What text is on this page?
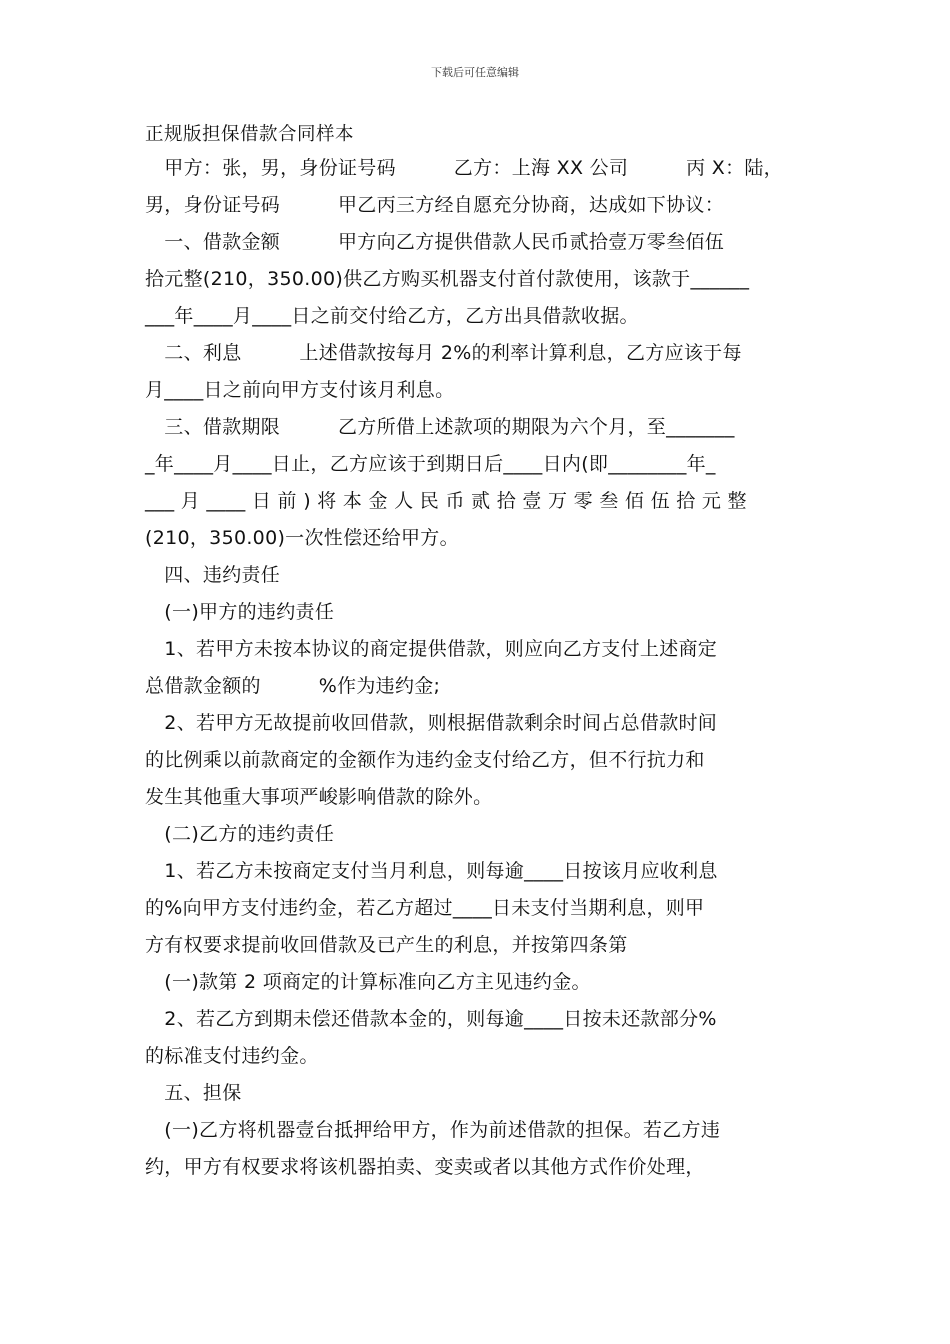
下载后可任意编辑

正规版担保借款合同样本

　甲方：张，男，身份证号码　　　乙方：上海 XX 公司　　　丙 X：陆，

男，身份证号码　　　甲乙丙三方经自愿充分协商，达成如下协议：

　一、借款金额　　　甲方向乙方提供借款人民币贰拾壹万零叁佰伍

拾元整(210，350.00)供乙方购买机器支付首付款使用，该款于______

___年____月____日之前交付给乙方，乙方出具借款收据。

　二、利息　　　上述借款按每月 2%的利率计算利息，乙方应该于每

月____日之前向甲方支付该月利息。

　三、借款期限　　　乙方所借上述款项的期限为六个月，至_______

_年____月____日止，乙方应该于到期日后____日内(即________年_

___ 月 ____ 日 前 ) 将 本 金 人 民 币 贰 拾 壹 万 零 叁 佰 伍 拾 元 整

(210，350.00)一次性偿还给甲方。

　四、违约责任

　(一)甲方的违约责任

　1、若甲方未按本协议的商定提供借款，则应向乙方支付上述商定

总借款金额的　　　%作为违约金;

　2、若甲方无故提前收回借款，则根据借款剩余时间占总借款时间

的比例乘以前款商定的金额作为违约金支付给乙方，但不行抗力和

发生其他重大事项严峻影响借款的除外。

　(二)乙方的违约责任

　1、若乙方未按商定支付当月利息，则每逾____日按该月应收利息

的%向甲方支付违约金，若乙方超过____日未支付当期利息，则甲

方有权要求提前收回借款及已产生的利息，并按第四条第

　(一)款第 2 项商定的计算标准向乙方主见违约金。

　2、若乙方到期未偿还借款本金的，则每逾____日按未还款部分%

的标准支付违约金。

　五、担保

　(一)乙方将机器壹台抵押给甲方，作为前述借款的担保。若乙方违

约，甲方有权要求将该机器拍卖、变卖或者以其他方式作价处理，
